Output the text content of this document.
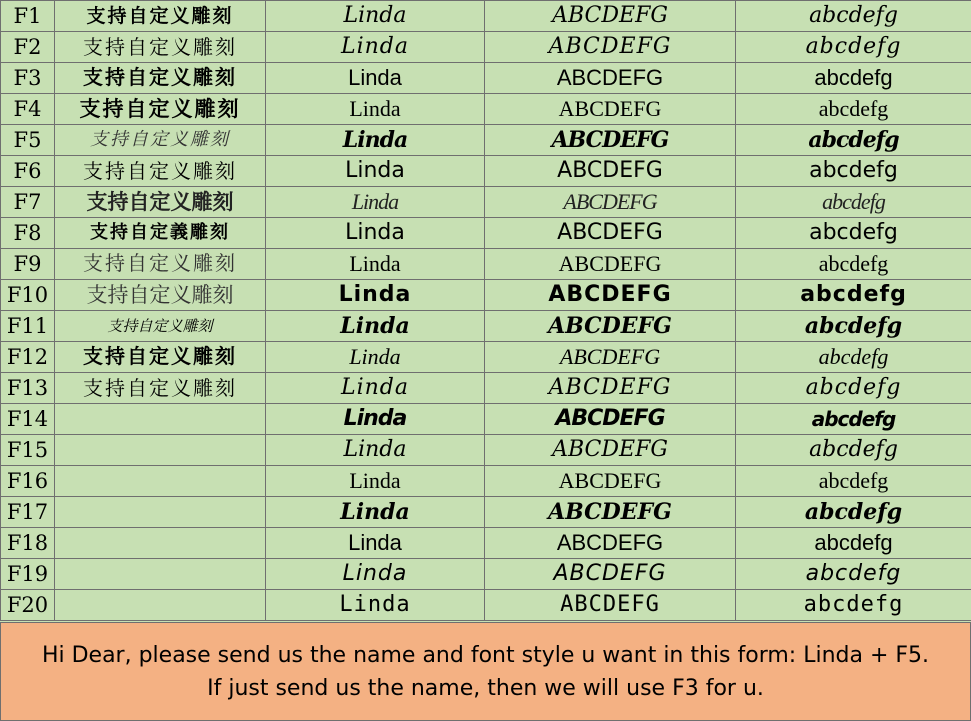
F1	支持自定义雕刻	Linda	ABCDEFG	abcdefg
F2	支持自定义雕刻	Linda	ABCDEFG	abcdefg
F3	支持自定义雕刻	Linda	ABCDEFG	abcdefg
F4	支持自定义雕刻	Linda	ABCDEFG	abcdefg
F5	支持自定义雕刻	Linda	ABCDEFG	abcdefg
F6	支持自定义雕刻	Linda	ABCDEFG	abcdefg
F7	支持自定义雕刻	Linda	ABCDEFG	abcdefg
F8	支持自定義雕刻	Linda	ABCDEFG	abcdefg
F9	支持自定义雕刻	Linda	ABCDEFG	abcdefg
F10	支持自定义雕刻	Linda	ABCDEFG	abcdefg
F11	支持自定义雕刻	Linda	ABCDEFG	abcdefg
F12	支持自定义雕刻	Linda	ABCDEFG	abcdefg
F13	支持自定义雕刻	Linda	ABCDEFG	abcdefg
F14		Linda	ABCDEFG	abcdefg
F15		Linda	ABCDEFG	abcdefg
F16		Linda	ABCDEFG	abcdefg
F17		Linda	ABCDEFG	abcdefg
F18		Linda	ABCDEFG	abcdefg
F19		Linda	ABCDEFG	abcdefg
F20		Linda	ABCDEFG	abcdefg
Hi Dear, please send us the name and font style u want in this form: Linda + F5.
If just send us the name, then we will use F3 for u.
